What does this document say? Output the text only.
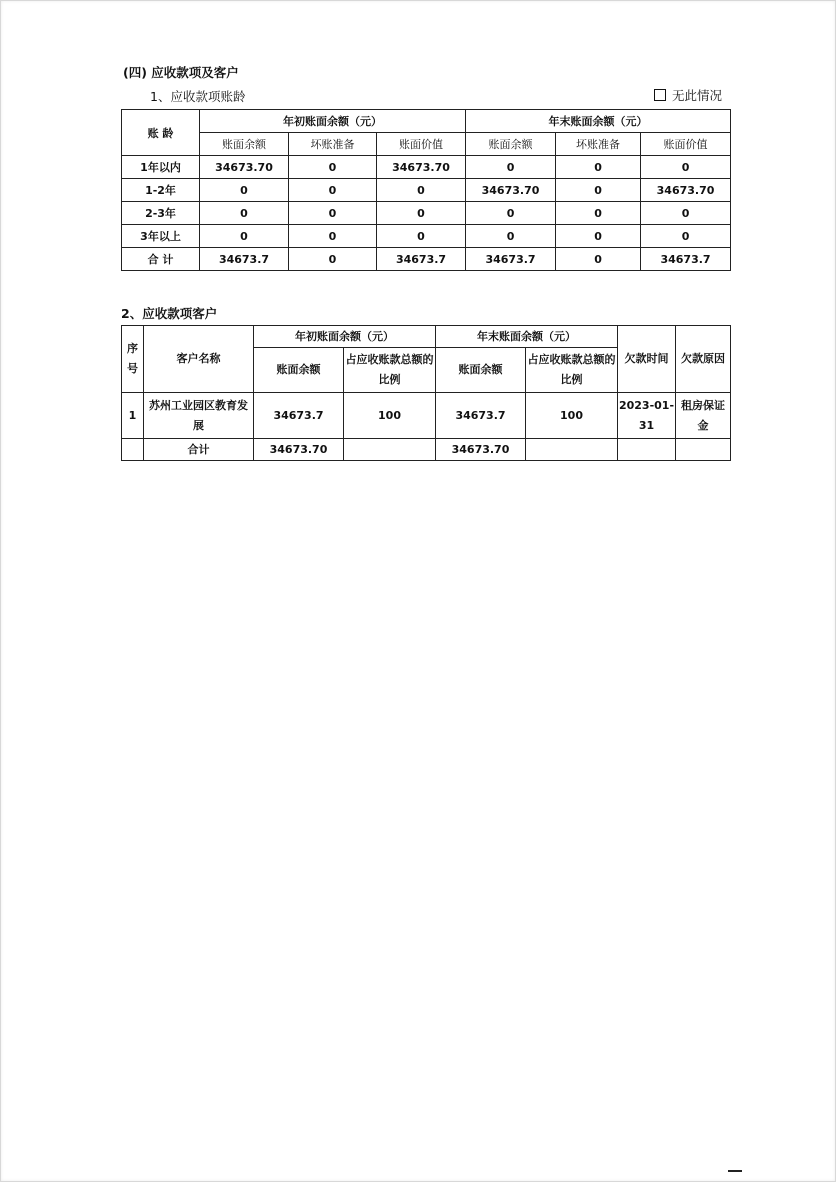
(四) 应收款项及客户
1、应收款项账龄	无此情况
账 龄	年初账面余额（元）			年末账面余额（元）		
	账面余额	坏账准备	账面价值	账面余额	坏账准备	账面价值
1年以内	34673.70	0	34673.70	0	0	0
1-2年	0	0	0	34673.70	0	34673.70
2-3年	0	0	0	0	0	0
3年以上	0	0	0	0	0	0
合 计	34673.7	0	34673.7	34673.7	0	34673.7
2、应收款项客户
序号	客户名称	年初账面余额（元）		年末账面余额（元）		欠款时间	欠款原因
		账面余额	占应收账款总额的比例	账面余额	占应收账款总额的比例		
1	苏州工业园区教育发展	34673.7	100	34673.7	100	2023-01-31	租房保证金
	合计	34673.70		34673.70			
